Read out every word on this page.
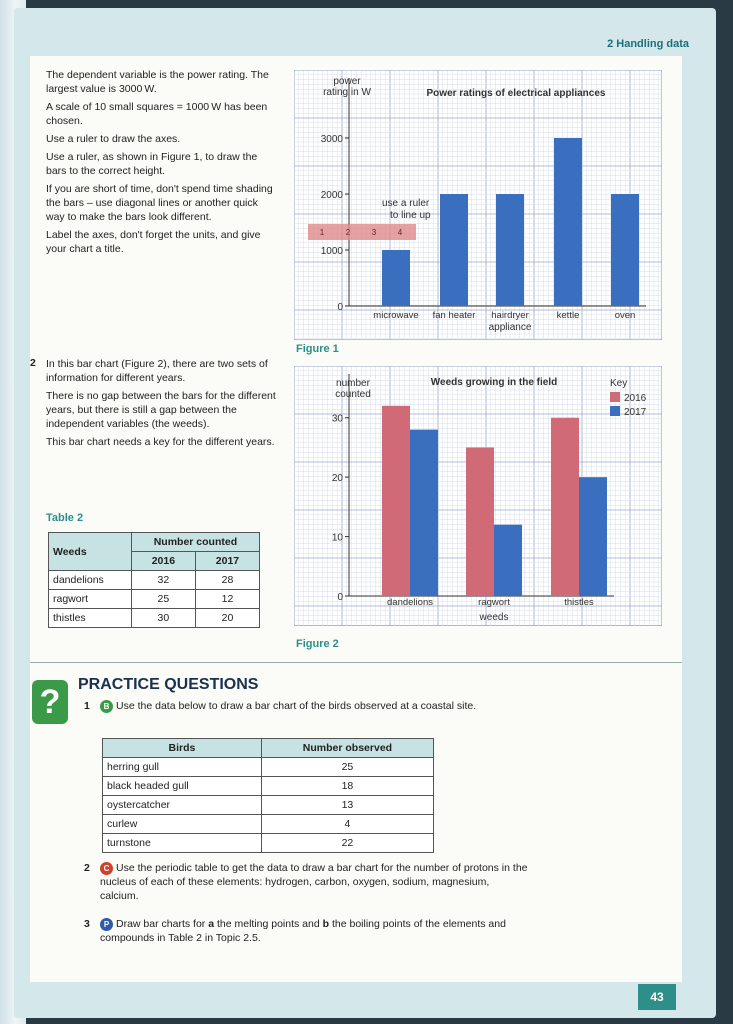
2 Handling data

The dependent variable is the power rating. The largest value is 3000 W.

A scale of 10 small squares = 1000 W has been chosen.

Use a ruler to draw the axes.

Use a ruler, as shown in Figure 1, to draw the bars to the correct height.

If you are short of time, don't spend time shading the bars – use diagonal lines or another quick way to make the bars look different.

Label the axes, don't forget the units, and give your chart a title.

power
rating in W	Power ratings of electrical appliances
0
1000
2000
3000
microwave fan heater hairdryer	kettle	oven
appliance
use a ruler
to line up
1	2	3	4
Figure 1
2 In this bar chart (Figure 2), there are two sets of information for different years.

There is no gap between the bars for the different years, but there is still a gap between the independent variables (the weeds).

This bar chart needs a key for the different years.

Table 2
Weeds	Number counted	
	2016	2017
dandelions	32	28
ragwort	25	12
thistles	30	20
number
counted
Weeds growing in the field
0
10
20
30
dandelions	ragwort	thistles
weeds
Key
2016
2017
Figure 2
?	PRACTICE QUESTIONS
1	B Use the data below to draw a bar chart of the birds observed at a coastal site.
Birds	Number observed
herring gull	25
black headed gull	18
oystercatcher	13
curlew	4
turnstone	22
2	C Use the periodic table to get the data to draw a bar chart for the number of protons in the nucleus of each of these elements: hydrogen, carbon, oxygen, sodium, magnesium, calcium.
3	P Draw bar charts for a the melting points and b the boiling points of the elements and compounds in Table 2 in Topic 2.5.
43
